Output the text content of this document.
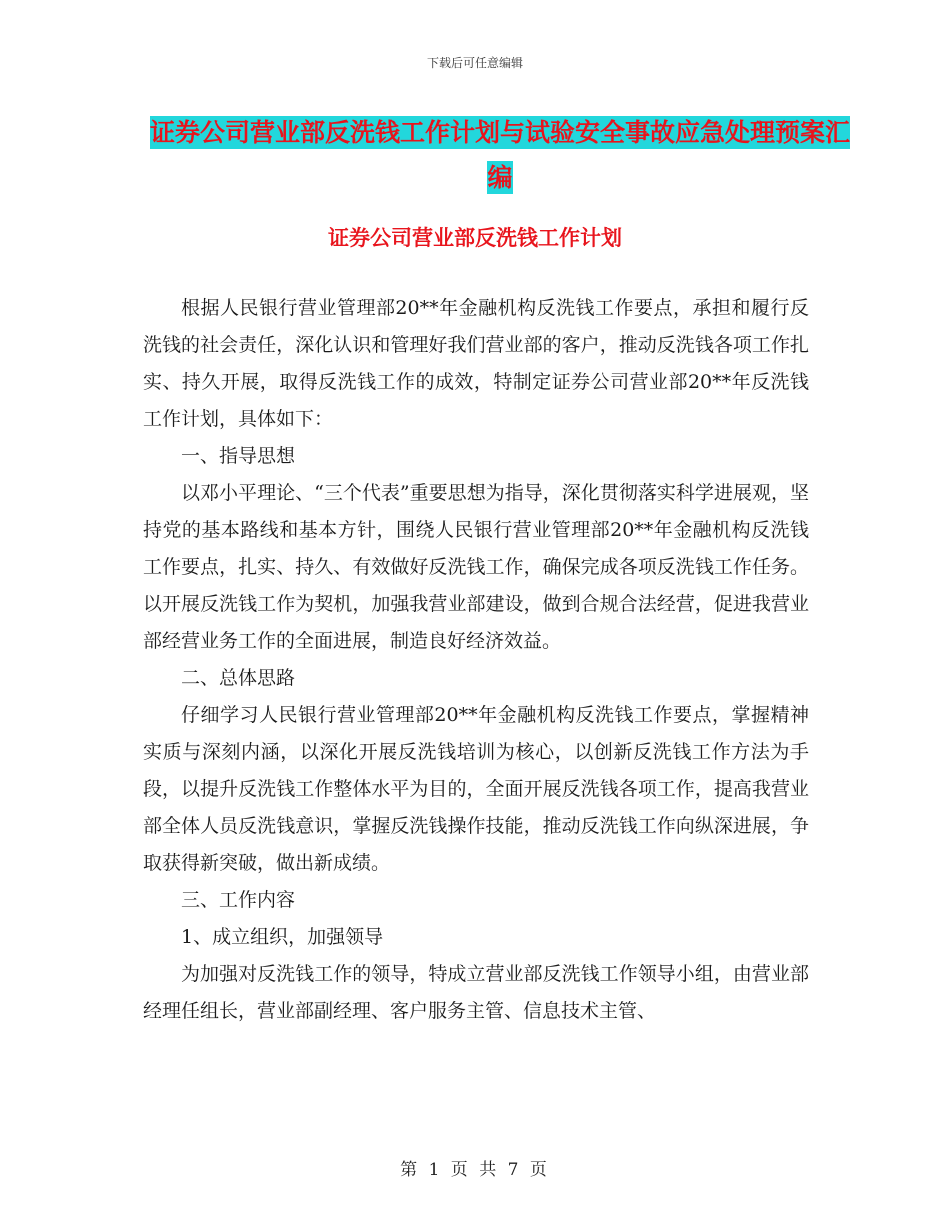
下载后可任意编辑
证券公司营业部反洗钱工作计划与试验安全事故应急处理预案汇编
证券公司营业部反洗钱工作计划

根据人民银行营业管理部20**年金融机构反洗钱工作要点，承担和履行反洗钱的社会责任，深化认识和管理好我们营业部的客户，推动反洗钱各项工作扎实、持久开展，取得反洗钱工作的成效，特制定证券公司营业部20**年反洗钱工作计划，具体如下：

一、指导思想

以邓小平理论、“三个代表”重要思想为指导，深化贯彻落实科学进展观，坚持党的基本路线和基本方针，围绕人民银行营业管理部20**年金融机构反洗钱工作要点，扎实、持久、有效做好反洗钱工作，确保完成各项反洗钱工作任务。以开展反洗钱工作为契机，加强我营业部建设，做到合规合法经营，促进我营业部经营业务工作的全面进展，制造良好经济效益。

二、总体思路

仔细学习人民银行营业管理部20**年金融机构反洗钱工作要点，掌握精神实质与深刻内涵，以深化开展反洗钱培训为核心，以创新反洗钱工作方法为手段，以提升反洗钱工作整体水平为目的，全面开展反洗钱各项工作，提高我营业部全体人员反洗钱意识，掌握反洗钱操作技能，推动反洗钱工作向纵深进展，争取获得新突破，做出新成绩。

三、工作内容

1、成立组织，加强领导

为加强对反洗钱工作的领导，特成立营业部反洗钱工作领导小组，由营业部经理任组长，营业部副经理、客户服务主管、信息技术主管、

第 1 页 共 7 页
